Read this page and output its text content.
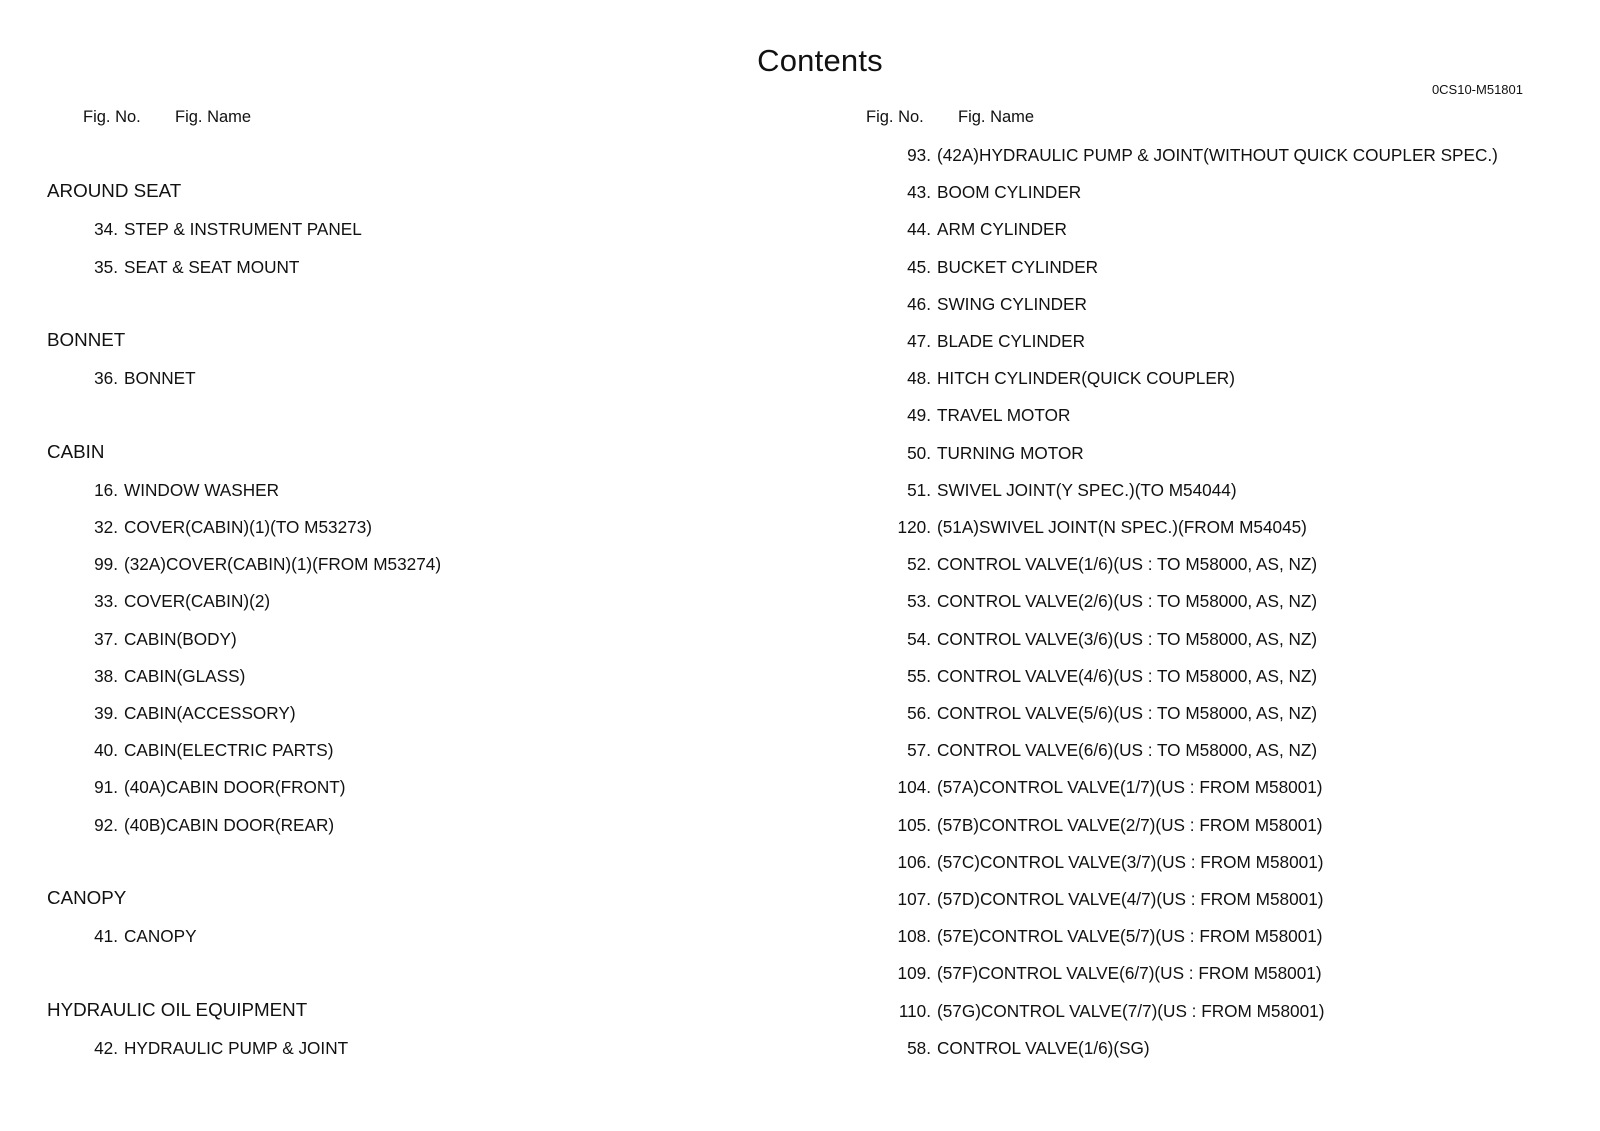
Contents
0CS10-M51801
Fig. No. Fig. Name	Fig. No. Fig. Name
AROUND SEAT
34. STEP & INSTRUMENT PANEL
35. SEAT & SEAT MOUNT
BONNET
36. BONNET
CABIN
16. WINDOW WASHER
32. COVER(CABIN)(1)(TO M53273)
99. (32A)COVER(CABIN)(1)(FROM M53274)
33. COVER(CABIN)(2)
37. CABIN(BODY)
38. CABIN(GLASS)
39. CABIN(ACCESSORY)
40. CABIN(ELECTRIC PARTS)
91. (40A)CABIN DOOR(FRONT)
92. (40B)CABIN DOOR(REAR)
CANOPY
41. CANOPY
HYDRAULIC OIL EQUIPMENT
42. HYDRAULIC PUMP & JOINT
93. (42A)HYDRAULIC PUMP & JOINT(WITHOUT QUICK COUPLER SPEC.)
43. BOOM CYLINDER
44. ARM CYLINDER
45. BUCKET CYLINDER
46. SWING CYLINDER
47. BLADE CYLINDER
48. HITCH CYLINDER(QUICK COUPLER)
49. TRAVEL MOTOR
50. TURNING MOTOR
51. SWIVEL JOINT(Y SPEC.)(TO M54044)
120. (51A)SWIVEL JOINT(N SPEC.)(FROM M54045)
52. CONTROL VALVE(1/6)(US : TO M58000, AS, NZ)
53. CONTROL VALVE(2/6)(US : TO M58000, AS, NZ)
54. CONTROL VALVE(3/6)(US : TO M58000, AS, NZ)
55. CONTROL VALVE(4/6)(US : TO M58000, AS, NZ)
56. CONTROL VALVE(5/6)(US : TO M58000, AS, NZ)
57. CONTROL VALVE(6/6)(US : TO M58000, AS, NZ)
104. (57A)CONTROL VALVE(1/7)(US : FROM M58001)
105. (57B)CONTROL VALVE(2/7)(US : FROM M58001)
106. (57C)CONTROL VALVE(3/7)(US : FROM M58001)
107. (57D)CONTROL VALVE(4/7)(US : FROM M58001)
108. (57E)CONTROL VALVE(5/7)(US : FROM M58001)
109. (57F)CONTROL VALVE(6/7)(US : FROM M58001)
110. (57G)CONTROL VALVE(7/7)(US : FROM M58001)
58. CONTROL VALVE(1/6)(SG)
